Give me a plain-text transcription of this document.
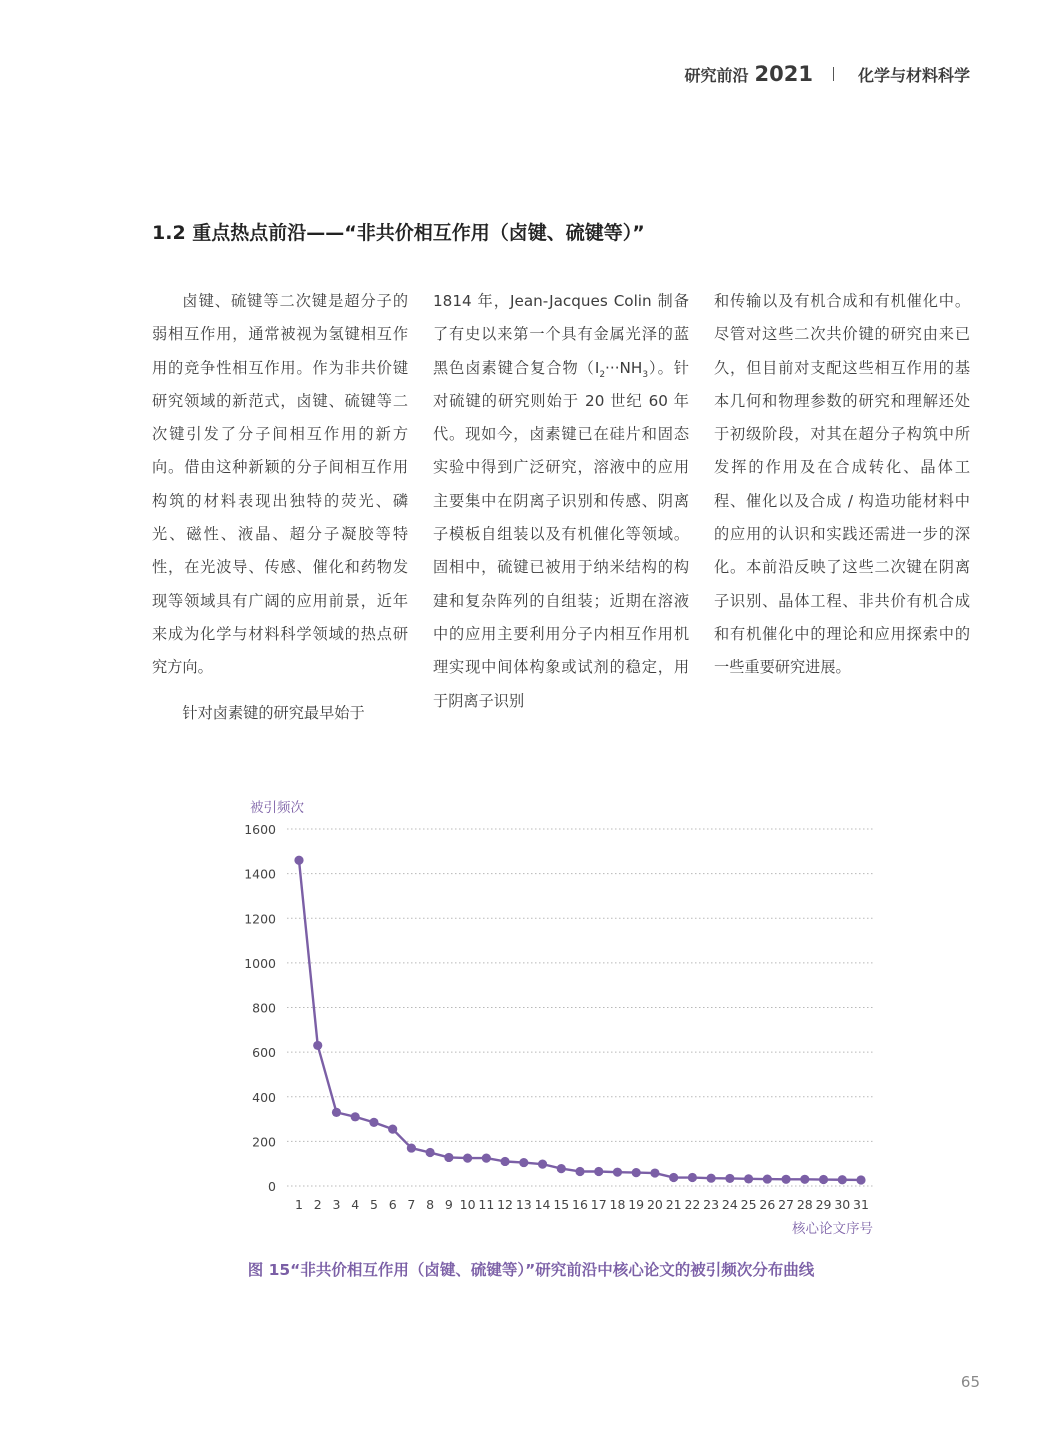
研究前沿 2021	化学与材料科学
1.2 重点热点前沿——“非共价相互作用（卤键、硫键等）”

卤键、硫键等二次键是超分子的弱相互作用，通常被视为氢键相互作用的竞争性相互作用。作为非共价键研究领域的新范式，卤键、硫键等二次键引发了分子间相互作用的新方向。借由这种新颖的分子间相互作用构筑的材料表现出独特的荧光、磷光、磁性、液晶、超分子凝胶等特性，在光波导、传感、催化和药物发现等领域具有广阔的应用前景，近年来成为化学与材料科学领域的热点研究方向。

针对卤素键的研究最早始于

1814 年，Jean-Jacques Colin 制备了有史以来第一个具有金属光泽的蓝黑色卤素键合复合物$(I_2\cdot\cdot\cdot NH_3)$。针对硫键的研究则始于 20 世纪 60 年代。现如今，卤素键已在硅片和固态实验中得到广泛研究，溶液中的应用主要集中在阴离子识别和传感、阴离子模板自组装以及有机催化等领域。固相中，硫键已被用于纳米结构的构建和复杂阵列的自组装；近期在溶液中的应用主要利用分子内相互作用机理实现中间体构象或试剂的稳定，用于阴离子识别

和传输以及有机合成和有机催化中。尽管对这些二次共价键的研究由来已久，但目前对支配这些相互作用的基本几何和物理参数的研究和理解还处于初级阶段，对其在超分子构筑中所发挥的作用及在合成转化、晶体工程、催化以及合成 / 构造功能材料中的应用的认识和实践还需进一步的深化。本前沿反映了这些二次键在阴离子识别、晶体工程、非共价有机合成和有机催化中的理论和应用探索中的一些重要研究进展。

0
200
400
600
800
1000
1200
1400
1600
被引频次
1 2 3 4 5 6 7 8 9 10 11 12 13 14 15 16 17 18 19 20 21 22 23 24 25 26 27 28 29 30 31
核心论文序号
图 15“非共价相互作用（卤键、硫键等）”研究前沿中核心论文的被引频次分布曲线
65
